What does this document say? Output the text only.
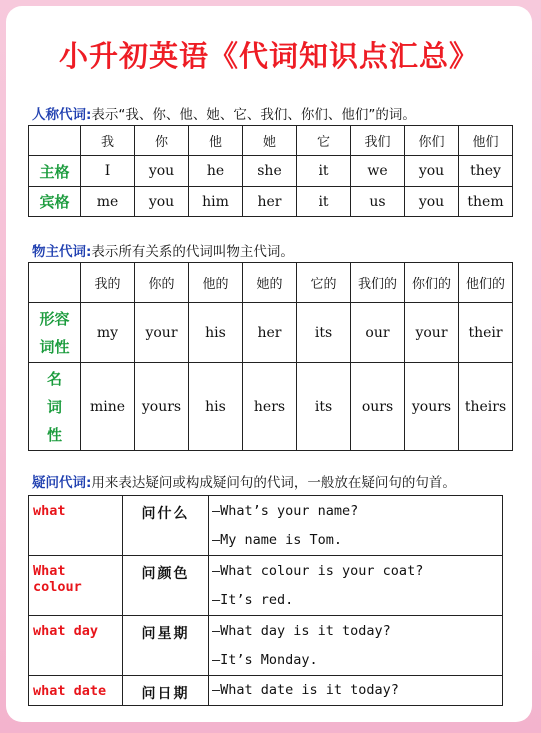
小升初英语《代词知识点汇总》
人称代词:表示“我、你、他、她、它、我们、你们、他们”的词。
	我	你	他	她	它	我们	你们	他们
主格	I	you	he	she	it	we	you	they
宾格	me	you	him	her	it	us	you	them
物主代词:表示所有关系的代词叫物主代词。
	我的	你的	他的	她的	它的	我们的	你们的	他们的

形容
词性	my	your	his	her	its	our	your	their

名
词
性	mine	yours	his	hers	its	ours	yours	theirs
疑问代词:用来表达疑问或构成疑问句的代词，一般放在疑问句的句首。
what	问什么	—What’s your name?
—My name is Tom.

What colour	问颜色	—What colour is your coat?
—It’s red.

what day	问星期	—What day is it today?
—It’s Monday.

what date	问日期	—What date is it today?
